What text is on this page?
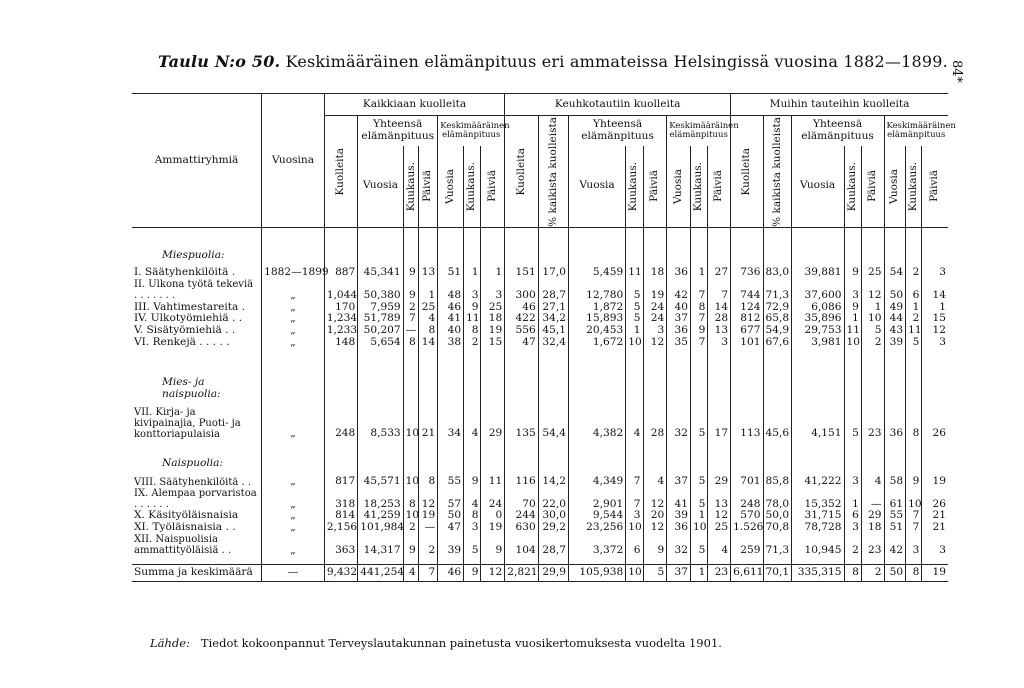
Taulu N:o 50. Keskimääräinen elämänpituus eri ammateissa Helsingissä vuosina 1882—1899. 84*
Ammattiryhmiä	Vuosina	Kaikkiaan kuolleita							Keuhkotautiin kuolleita								Muihin tauteihin kuolleita							

		Kuolleita	Yhteensä elämänpituus			Keskimääräinen elämänpituus			Kuolleita	% kaikista kuolleista	Yhteensä elämänpituus			Keskimääräinen elämänpituus			Kuolleita	% kaikista kuolleista	Yhteensä elämänpituus			Keskimääräinen elämänpituus		
			Vuosia	Kuukaus.	Päiviä	Vuosia	Kuukaus.	Päiviä			Vuosia	Kuukaus.	Päiviä	Vuosia	Kuukaus.	Päiviä			Vuosia	Kuukaus.	Päiviä	Vuosia	Kuukaus.	Päiviä

Miespuolia:																								

I. Säätyhenkilöitä .	1882—1899	887	45,341	9	13	51	1	1	151	17,0	5,459	11	18	36	1	27	736	83,0	39,881	9	25	54	2	3
II. Ulkona työtä tekeviä . . . . . . .	„	1,044	50,380	9	1	48	3	3	300	28,7	12,780	5	19	42	7	7	744	71,3	37,600	3	12	50	6	14
III. Vahtimestareita .	„	170	7,959	2	25	46	9	25	46	27,1	1,872	5	24	40	8	14	124	72,9	6,086	9	1	49	1	1
IV. Ulkotyömiehiä . .	„	1,234	51,789	7	4	41	11	18	422	34,2	15,893	5	24	37	7	28	812	65,8	35,896	1	10	44	2	15
V. Sisätyömiehiä . .	„	1,233	50,207	—	8	40	8	19	556	45,1	20,453	1	3	36	9	13	677	54,9	29,753	11	5	43	11	12
VI. Renkejä . . . . .	„	148	5,654	8	14	38	2	15	47	32,4	1,672	10	12	35	7	3	101	67,6	3,981	10	2	39	5	3

Mies- ja naispuolia:																								

VII. Kirja- ja kivipainajia, Puoti- ja konttoriapulaisia	„	248	8,533	10	21	34	4	29	135	54,4	4,382	4	28	32	5	17	113	45,6	4,151	5	23	36	8	26

Naispuolia:																								

VIII. Säätyhenkilöitä . .	„	817	45,571	10	8	55	9	11	116	14,2	4,349	7	4	37	5	29	701	85,8	41,222	3	4	58	9	19
IX. Alempaa porvaristoa . . . . . .	„	318	18,253	8	12	57	4	24	70	22,0	2,901	7	12	41	5	13	248	78,0	15,352	1	—	61	10	26
X. Käsityöläisnaisia	„	814	41,259	10	19	50	8	0	244	30,0	9,544	3	20	39	1	12	570	50,0	31,715	6	29	55	7	21
XI. Työläisnaisia . .	„	2,156	101,984	2	—	47	3	19	630	29,2	23,256	10	12	36	10	25	1.526	70,8	78,728	3	18	51	7	21
XII. Naispuolisia ammattityöläisiä . .	„	363	14,317	9	2	39	5	9	104	28,7	3,372	6	9	32	5	4	259	71,3	10,945	2	23	42	3	3

Summa ja keskimäärä	—	9,432	441,254	4	7	46	9	12	2,821	29,9	105,938	10	5	37	1	23	6,611	70,1	335,315	8	2	50	8	19
Lähde: Tiedot kokoonpannut Terveyslautakunnan painetusta vuosikertomuksesta vuodelta 1901.
